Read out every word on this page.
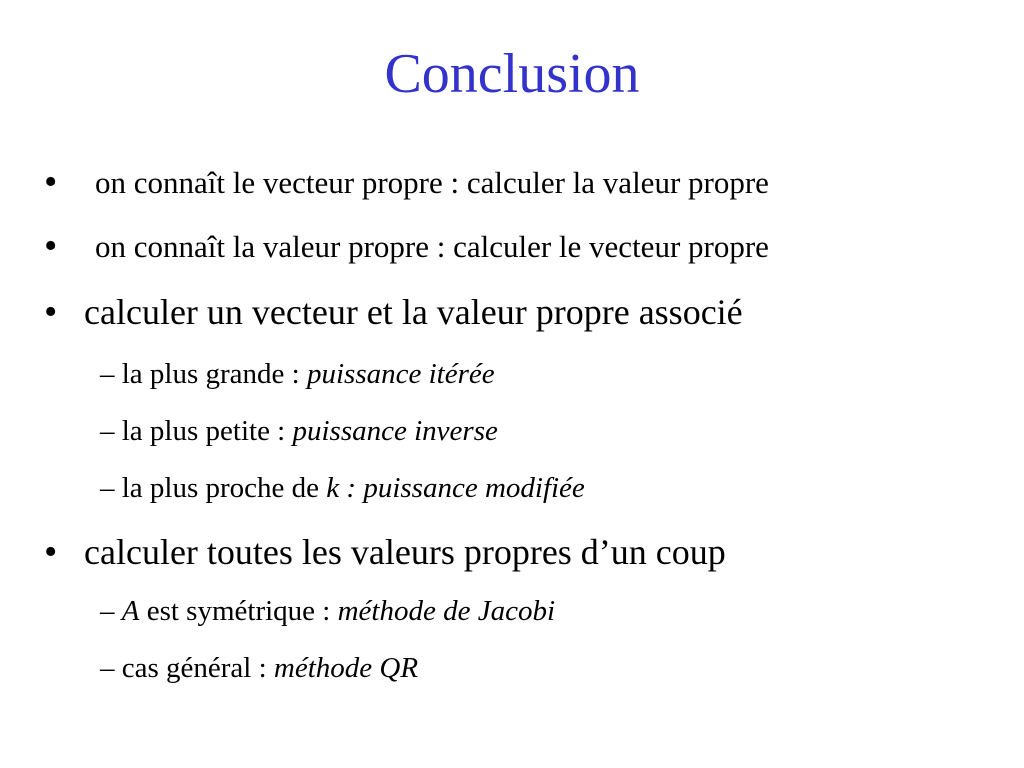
Conclusion
• on connaît le vecteur propre : calculer la valeur propre
• on connaît la valeur propre : calculer le vecteur propre
• calculer un vecteur et la valeur propre associé
– la plus grande : puissance itérée
– la plus petite : puissance inverse
– la plus proche de k : puissance modifiée
• calculer toutes les valeurs propres d’un coup
– A est symétrique : méthode de Jacobi
– cas général : méthode QR
